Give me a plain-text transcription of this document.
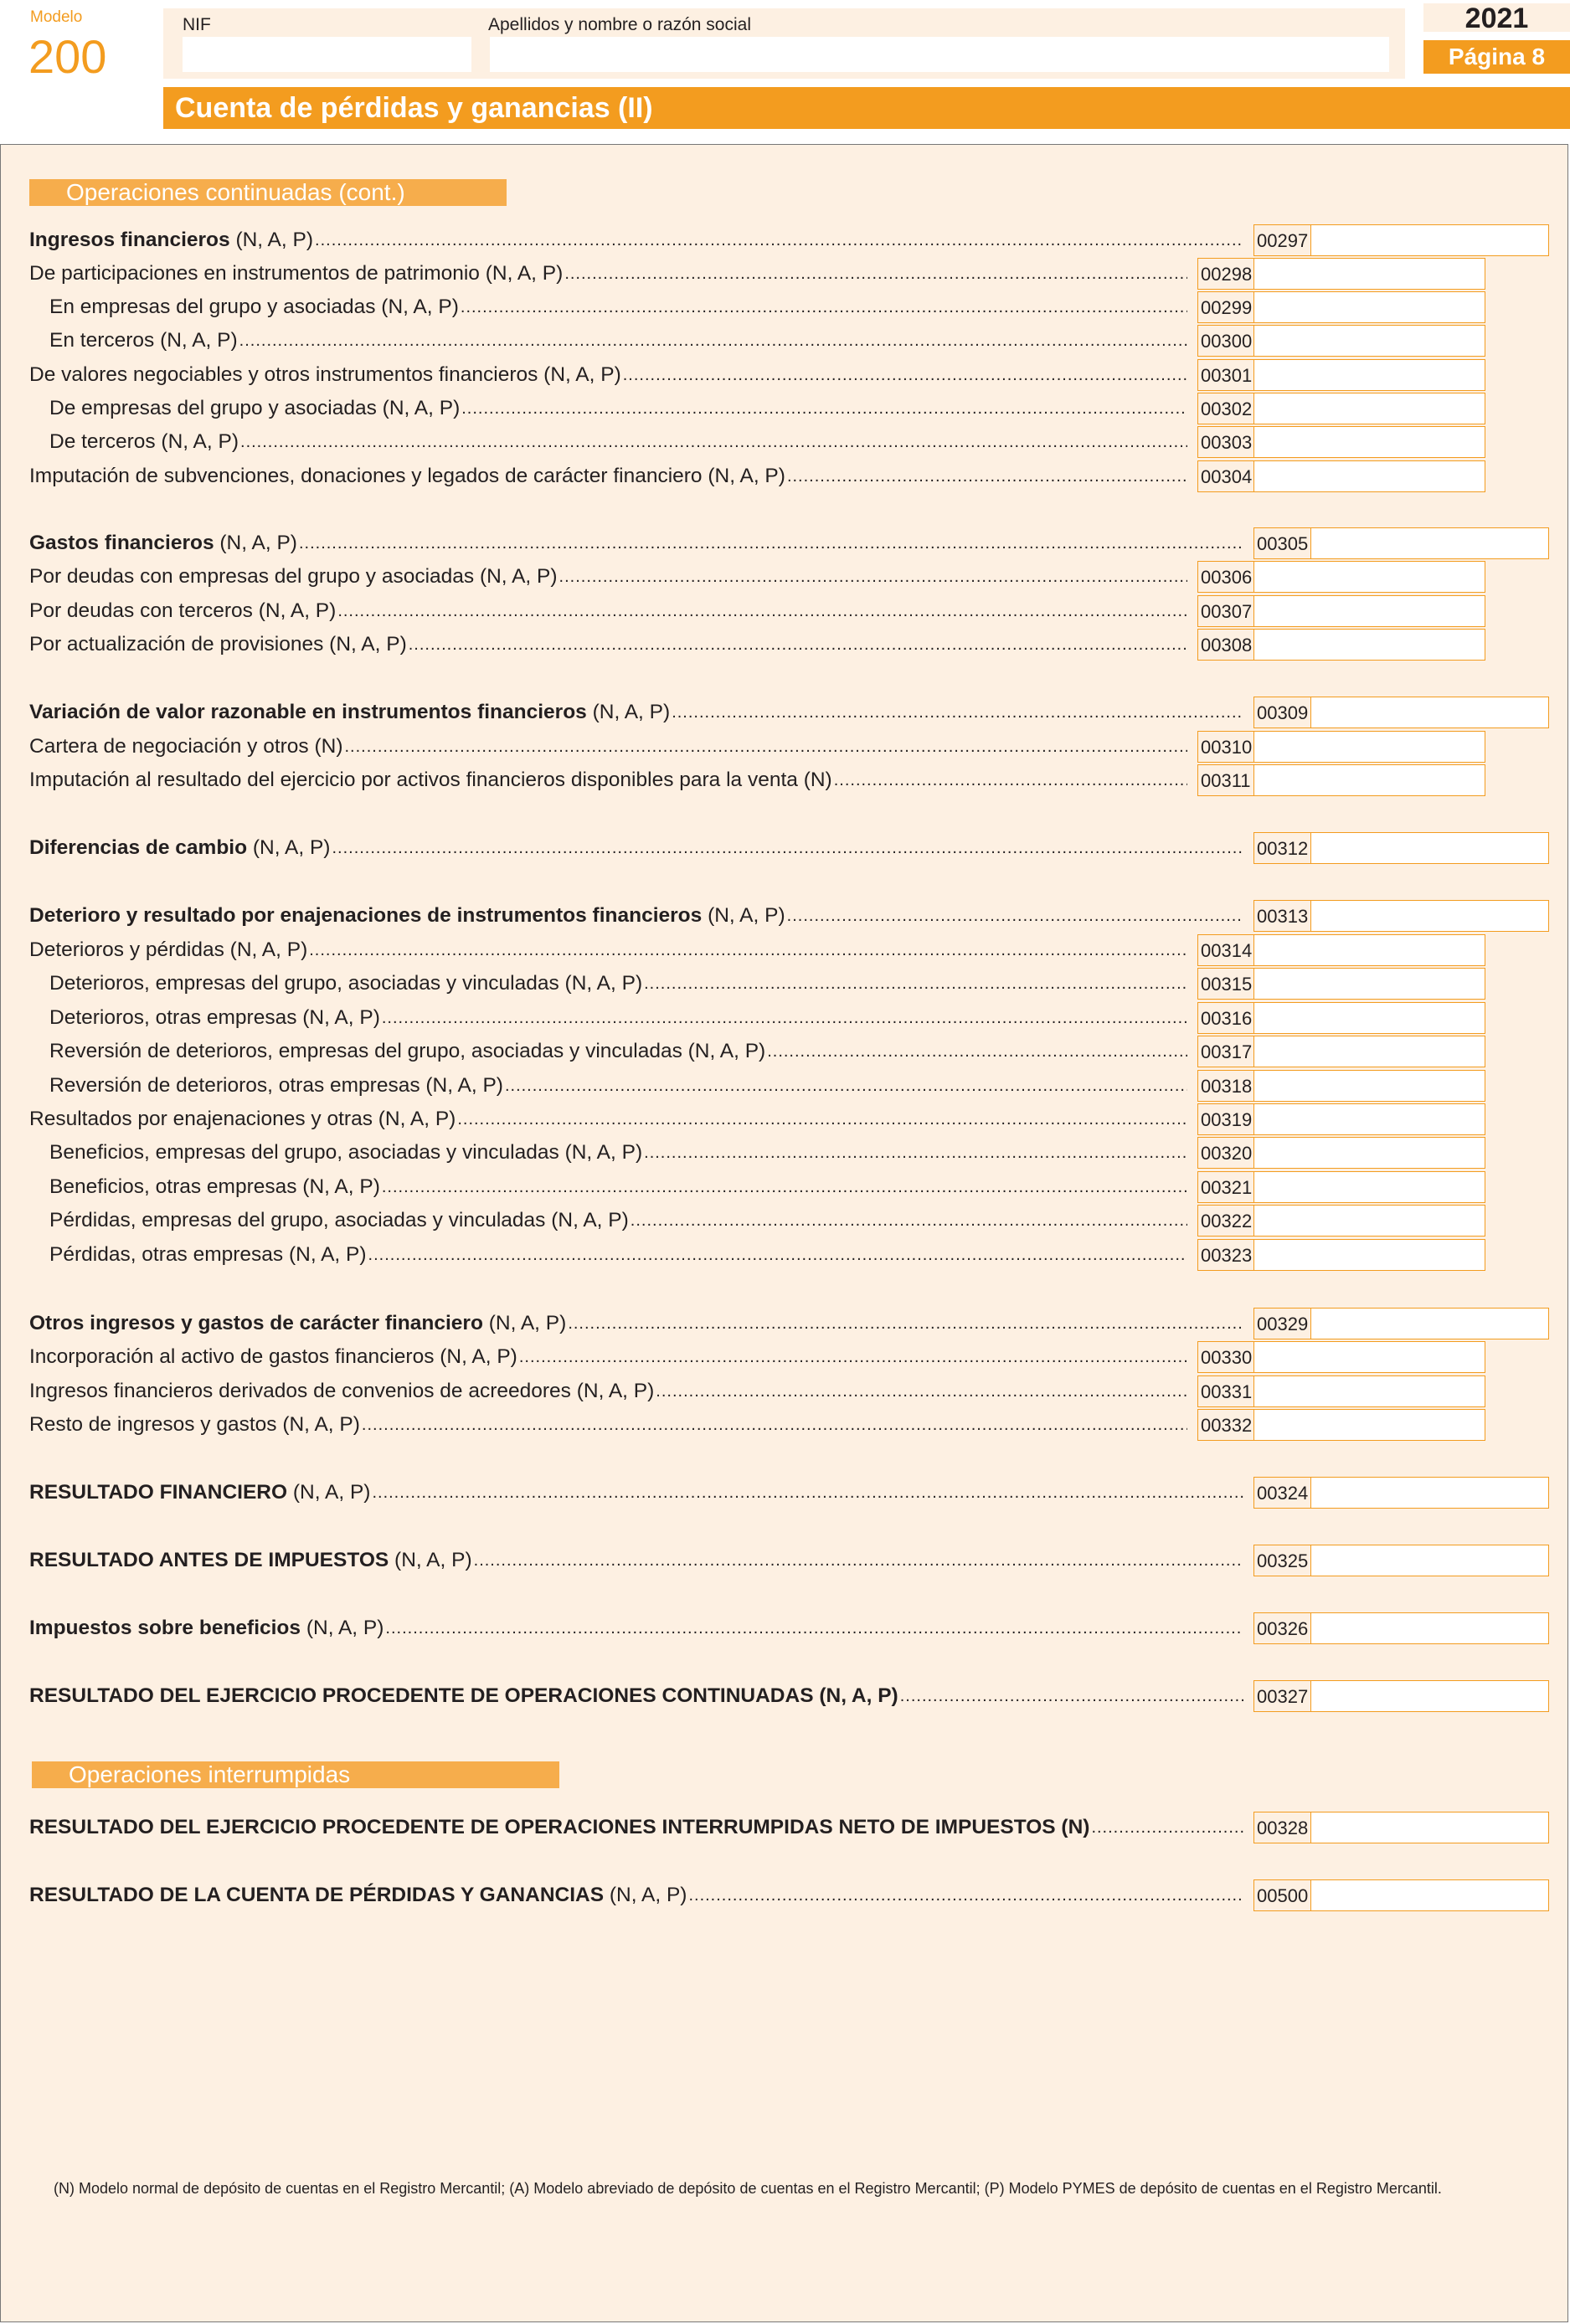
Modelo
200
NIF	Apellidos y nombre o razón social	2021
Página 8
Cuenta de pérdidas y ganancias (II)
Operaciones continuadas (cont.)
Operaciones interrumpidas
Ingresos financieros (N, A, P) .....	00297
De participaciones en instrumentos de patrimonio (N, A, P) .....	00298
En empresas del grupo y asociadas (N, A, P) .....	00299
En terceros (N, A, P) .....	00300
De valores negociables y otros instrumentos financieros (N, A, P) .....	00301
De empresas del grupo y asociadas (N, A, P) .....	00302
De terceros (N, A, P) .....	00303
Imputación de subvenciones, donaciones y legados de carácter financiero (N, A, P) .....	00304
Gastos financieros (N, A, P) .....	00305
Por deudas con empresas del grupo y asociadas (N, A, P) .....	00306
Por deudas con terceros (N, A, P) .....	00307
Por actualización de provisiones (N, A, P) .....	00308
Variación de valor razonable en instrumentos financieros (N, A, P) .....	00309
Cartera de negociación y otros (N) .....	00310
Imputación al resultado del ejercicio por activos financieros disponibles para la venta (N) .....	00311
Diferencias de cambio (N, A, P) .....	00312
Deterioro y resultado por enajenaciones de instrumentos financieros (N, A, P) .....	00313
Deterioros y pérdidas (N, A, P) .....	00314
Deterioros, empresas del grupo, asociadas y vinculadas (N, A, P) .....	00315
Deterioros, otras empresas (N, A, P) .....	00316
Reversión de deterioros, empresas del grupo, asociadas y vinculadas (N, A, P) .....	00317
Reversión de deterioros, otras empresas (N, A, P) .....	00318
Resultados por enajenaciones y otras (N, A, P) .....	00319
Beneficios, empresas del grupo, asociadas y vinculadas (N, A, P) .....	00320
Beneficios, otras empresas (N, A, P) .....	00321
Pérdidas, empresas del grupo, asociadas y vinculadas (N, A, P) .....	00322
Pérdidas, otras empresas (N, A, P) .....	00323
Otros ingresos y gastos de carácter financiero (N, A, P) .....	00329
Incorporación al activo de gastos financieros (N, A, P) .....	00330
Ingresos financieros derivados de convenios de acreedores (N, A, P) .....	00331
Resto de ingresos y gastos (N, A, P) .....	00332
RESULTADO FINANCIERO (N, A, P) .....	00324
RESULTADO ANTES DE IMPUESTOS (N, A, P) .....	00325
Impuestos sobre beneficios (N, A, P) .....	00326
RESULTADO DEL EJERCICIO PROCEDENTE DE OPERACIONES CONTINUADAS (N, A, P) .....	00327
RESULTADO DEL EJERCICIO PROCEDENTE DE OPERACIONES INTERRUMPIDAS NETO DE IMPUESTOS (N) .....	00328
RESULTADO DE LA CUENTA DE PÉRDIDAS Y GANANCIAS (N, A, P) .....	00500
(N) Modelo normal de depósito de cuentas en el Registro Mercantil; (A) Modelo abreviado de depósito de cuentas en el Registro Mercantil; (P) Modelo PYMES de depósito de cuentas en el Registro Mercantil.
